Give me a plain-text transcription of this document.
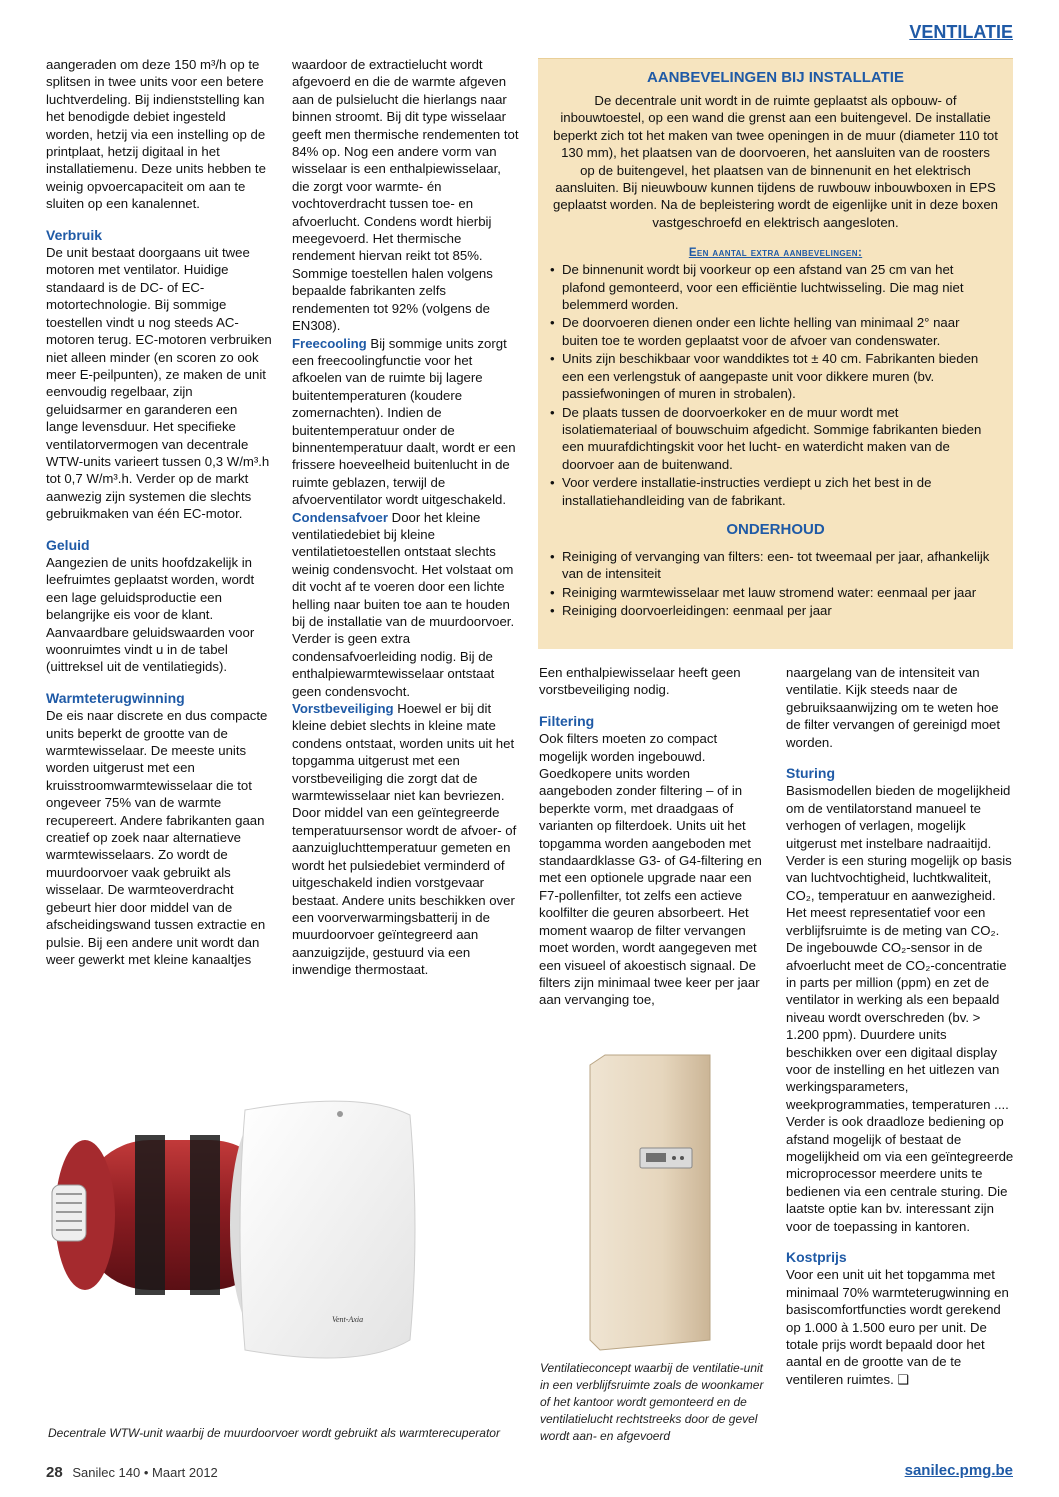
VENTILATIE

aangeraden om deze 150 m³/h op te splitsen in twee units voor een betere luchtverdeling. Bij indienststelling kan het benodigde debiet ingesteld worden, hetzij via een instelling op de printplaat, hetzij digitaal in het installatiemenu. Deze units hebben te weinig opvoercapaciteit om aan te sluiten op een kanalennet.

Verbruik

De unit bestaat doorgaans uit twee motoren met ventilator. Huidige standaard is de DC- of EC-motortechnologie. Bij sommige toestellen vindt u nog steeds AC-motoren terug. EC-motoren verbruiken niet alleen minder (en scoren zo ook meer E-peilpunten), ze maken de unit eenvoudig regelbaar, zijn geluidsarmer en garanderen een lange levensduur. Het specifieke ventilatorvermogen van decentrale WTW-units varieert tussen 0,3 W/m³.h tot 0,7 W/m³.h. Verder op de markt aanwezig zijn systemen die slechts gebruikmaken van één EC-motor.

Geluid

Aangezien de units hoofdzakelijk in leefruimtes geplaatst worden, wordt een lage geluidsproductie een belangrijke eis voor de klant. Aanvaardbare geluidswaarden voor woonruimtes vindt u in de tabel (uittreksel uit de ventilatiegids).

Warmteterugwinning

De eis naar discrete en dus compacte units beperkt de grootte van de warmtewisselaar. De meeste units worden uitgerust met een kruisstroomwarmtewisselaar die tot ongeveer 75% van de warmte recupereert. Andere fabrikanten gaan creatief op zoek naar alternatieve warmtewisselaars. Zo wordt de muurdoorvoer vaak gebruikt als wisselaar. De warmteoverdracht gebeurt hier door middel van de afscheidingswand tussen extractie en pulsie. Bij een andere unit wordt dan weer gewerkt met kleine kanaaltjes

waardoor de extractielucht wordt afgevoerd en die de warmte afgeven aan de pulsielucht die hierlangs naar binnen stroomt. Bij dit type wisselaar geeft men thermische rendementen tot 84% op. Nog een andere vorm van wisselaar is een enthalpiewisselaar, die zorgt voor warmte- én vochtoverdracht tussen toe- en afvoerlucht. Condens wordt hierbij meegevoerd. Het thermische rendement hiervan reikt tot 85%. Sommige toestellen halen volgens bepaalde fabrikanten zelfs rendementen tot 92% (volgens de EN308).

Freecooling Bij sommige units zorgt een freecoolingfunctie voor het afkoelen van de ruimte bij lagere buitentemperaturen (koudere zomernachten). Indien de buitentemperatuur onder de binnentemperatuur daalt, wordt er een frissere hoeveelheid buitenlucht in de ruimte geblazen, terwijl de afvoerventilator wordt uitgeschakeld.

Condensafvoer Door het kleine ventilatiedebiet bij kleine ventilatietoestellen ontstaat slechts weinig condensvocht. Het volstaat om dit vocht af te voeren door een lichte helling naar buiten toe aan te houden bij de installatie van de muurdoorvoer. Verder is geen extra condensafvoerleiding nodig. Bij de enthalpiewarmtewisselaar ontstaat geen condensvocht.

Vorstbeveiliging Hoewel er bij dit kleine debiet slechts in kleine mate condens ontstaat, worden units uit het topgamma uitgerust met een vorstbeveiliging die zorgt dat de warmtewisselaar niet kan bevriezen. Door middel van een geïntegreerde temperatuursensor wordt de afvoer- of aanzuigluchttemperatuur gemeten en wordt het pulsiedebiet verminderd of uitgeschakeld indien vorstgevaar bestaat. Andere units beschikken over een voorverwarmingsbatterij in de muurdoorvoer geïntegreerd aan aanzuigzijde, gestuurd via een inwendige thermostaat.

AANBEVELINGEN BIJ INSTALLATIE
De decentrale unit wordt in de ruimte geplaatst als opbouw- of inbouwtoestel, op een wand die grenst aan een buitengevel. De installatie beperkt zich tot het maken van twee openingen in de muur (diameter 110 tot 130 mm), het plaatsen van de doorvoeren, het aansluiten van de roosters op de buitengevel, het plaatsen van de binnenunit en het elektrisch aansluiten. Bij nieuwbouw kunnen tijdens de ruwbouw inbouwboxen in EPS geplaatst worden. Na de bepleistering wordt de eigenlijke unit in deze boxen vastgeschroefd en elektrisch aangesloten.
Een aantal extra aanbevelingen:
• De binnenunit wordt bij voorkeur op een afstand van 25 cm van het plafond gemonteerd, voor een efficiëntie luchtwisseling. Die mag niet belemmerd worden.
• De doorvoeren dienen onder een lichte helling van minimaal 2° naar buiten toe te worden geplaatst voor de afvoer van condenswater.
• Units zijn beschikbaar voor wanddiktes tot ± 40 cm. Fabrikanten bieden een een verlengstuk of aangepaste unit voor dikkere muren (bv. passiefwoningen of muren in strobalen).
• De plaats tussen de doorvoerkoker en de muur wordt met isolatiemateriaal of bouwschuim afgedicht. Sommige fabrikanten bieden een muurafdichtingskit voor het lucht- en waterdicht maken van de doorvoer aan de buitenwand.
• Voor verdere installatie-instructies verdiept u zich het best in de installatiehandleiding van de fabrikant.
ONDERHOUD
• Reiniging of vervanging van filters: een- tot tweemaal per jaar, afhankelijk van de intensiteit
• Reiniging warmtewisselaar met lauw stromend water: eenmaal per jaar
• Reiniging doorvoerleidingen: eenmaal per jaar

Een enthalpiewisselaar heeft geen vorstbeveiliging nodig.

Filtering

Ook filters moeten zo compact mogelijk worden ingebouwd. Goedkopere units worden aangeboden zonder filtering – of in beperkte vorm, met draadgaas of varianten op filterdoek. Units uit het topgamma worden aangeboden met standaardklasse G3- of G4-filtering en met een optionele upgrade naar een F7-pollenfilter, tot zelfs een actieve koolfilter die geuren absorbeert. Het moment waarop de filter vervangen moet worden, wordt aangegeven met een visueel of akoestisch signaal. De filters zijn minimaal twee keer per jaar aan vervanging toe,

naargelang van de intensiteit van ventilatie. Kijk steeds naar de gebruiksaanwijzing om te weten hoe de filter vervangen of gereinigd moet worden.

Sturing

Basismodellen bieden de mogelijkheid om de ventilatorstand manueel te verhogen of verlagen, mogelijk uitgerust met instelbare nadraaitijd. Verder is een sturing mogelijk op basis van luchtvochtigheid, luchtkwaliteit, CO₂, temperatuur en aanwezigheid. Het meest representatief voor een verblijfsruimte is de meting van CO₂. De ingebouwde CO₂-sensor in de afvoerlucht meet de CO₂-concentratie in parts per million (ppm) en zet de ventilator in werking als een bepaald niveau wordt overschreden (bv. > 1.200 ppm). Duurdere units beschikken over een digitaal display voor de instelling en het uitlezen van werkingsparameters, weekprogrammaties, temperaturen .... Verder is ook draadloze bediening op afstand mogelijk of bestaat de mogelijkheid om via een geïntegreerde microprocessor meerdere units te bedienen via een centrale sturing. Die laatste optie kan bv. interessant zijn voor de toepassing in kantoren.

Kostprijs

Voor een unit uit het topgamma met minimaal 70% warmteterugwinning en basiscomfortfuncties wordt gerekend op 1.000 à 1.500 euro per unit. De totale prijs wordt bepaald door het aantal en de grootte van de te ventileren ruimtes. ❑

Vent-Axia
Decentrale WTW-unit waarbij de muurdoorvoer wordt gebruikt als warmterecuperator
Ventilatieconcept waarbij de ventilatie-unit in een verblijfsruimte zoals de woonkamer of het kantoor wordt gemonteerd en de ventilatielucht rechtstreeks door de gevel wordt aan- en afgevoerd
28 Sanilec 140 • Maart 2012	sanilec.pmg.be
